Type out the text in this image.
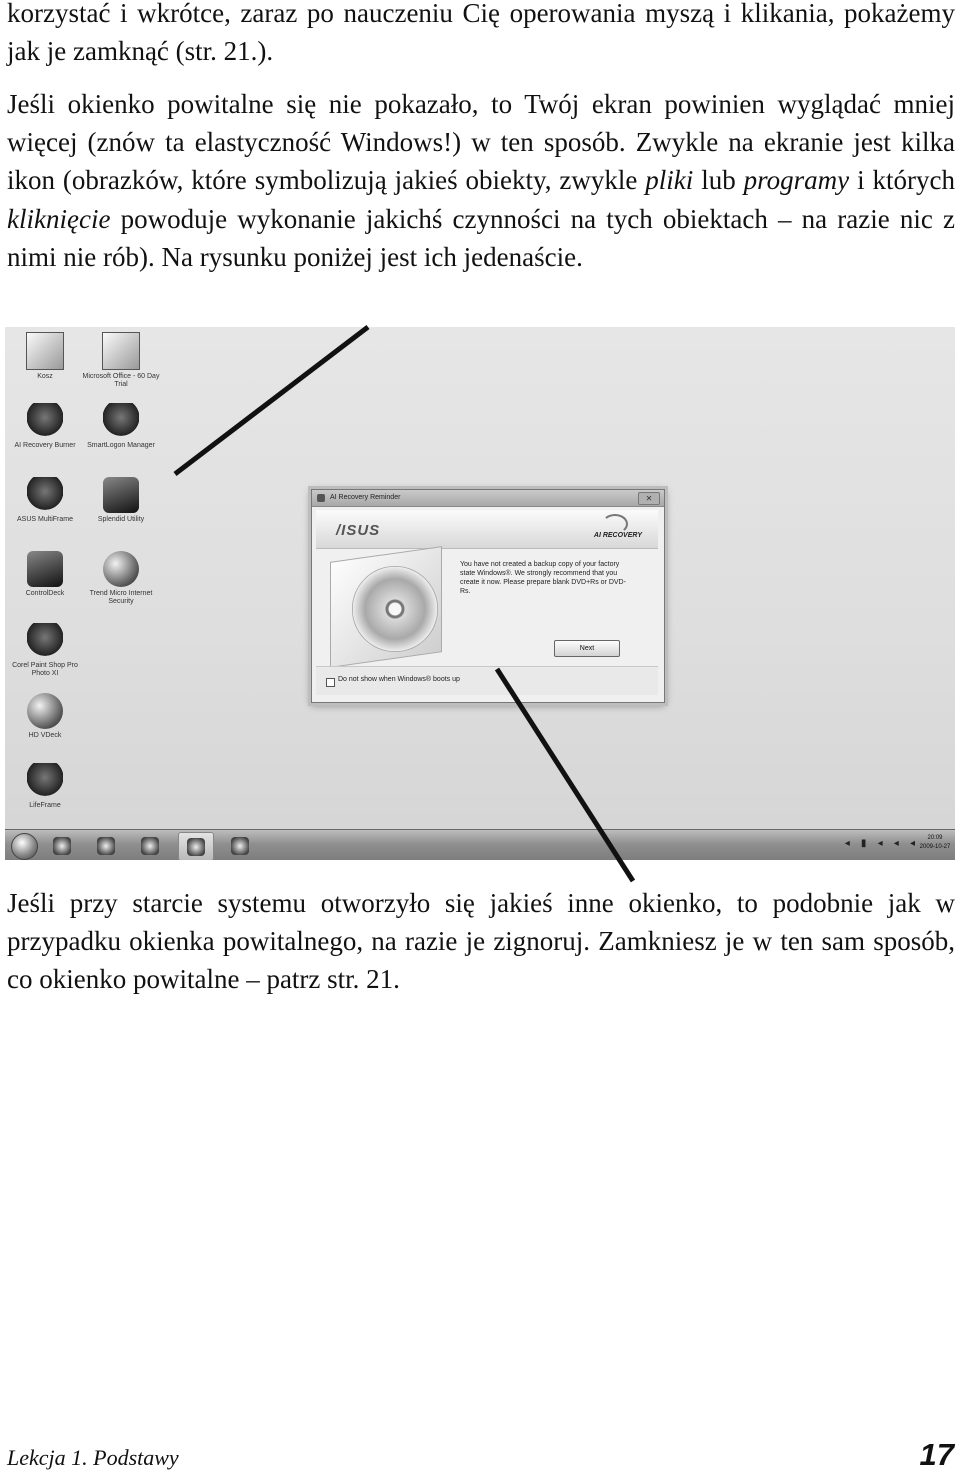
korzystać i wkrótce, zaraz po nauczeniu Cię operowania myszą i klikania, pokażemy jak je zamknąć (str. 21.).

Jeśli okienko powitalne się nie pokazało, to Twój ekran powinien wyglądać mniej więcej (znów ta elastyczność Windows!) w ten sposób. Zwykle na ekranie jest kilka ikon (obrazków, które symbolizują jakieś obiekty, zwykle pliki lub programy i których kliknięcie powoduje wykonanie jakichś czynności na tych obiektach – na razie nic z nimi nie rób). Na rysunku poniżej jest ich jedenaście.

Kosz
AI Recovery Burner
ASUS MultiFrame
ControlDeck
Corel Paint Shop Pro Photo XI
HD VDeck
LifeFrame
Microsoft Office - 60 Day Trial
SmartLogon Manager
Splendid Utility
Trend Micro Internet Security
AI Recovery Reminder	✕
/ISUS	AI RECOVERY
You have not created a backup copy of your factory state Windows®. We strongly recommend that you create it now. Please prepare blank DVD+Rs or DVD-Rs.
Next
Do not show when Windows® boots up
◂ ▮ ◂ ◂ ◂	20:09
2009-10-27

Jeśli przy starcie systemu otworzyło się jakieś inne okienko, to podobnie jak w przypadku okienka powitalnego, na razie je zignoruj. Zamkniesz je w ten sam sposób, co okienko powitalne – patrz str. 21.

Lekcja 1. Podstawy	17
